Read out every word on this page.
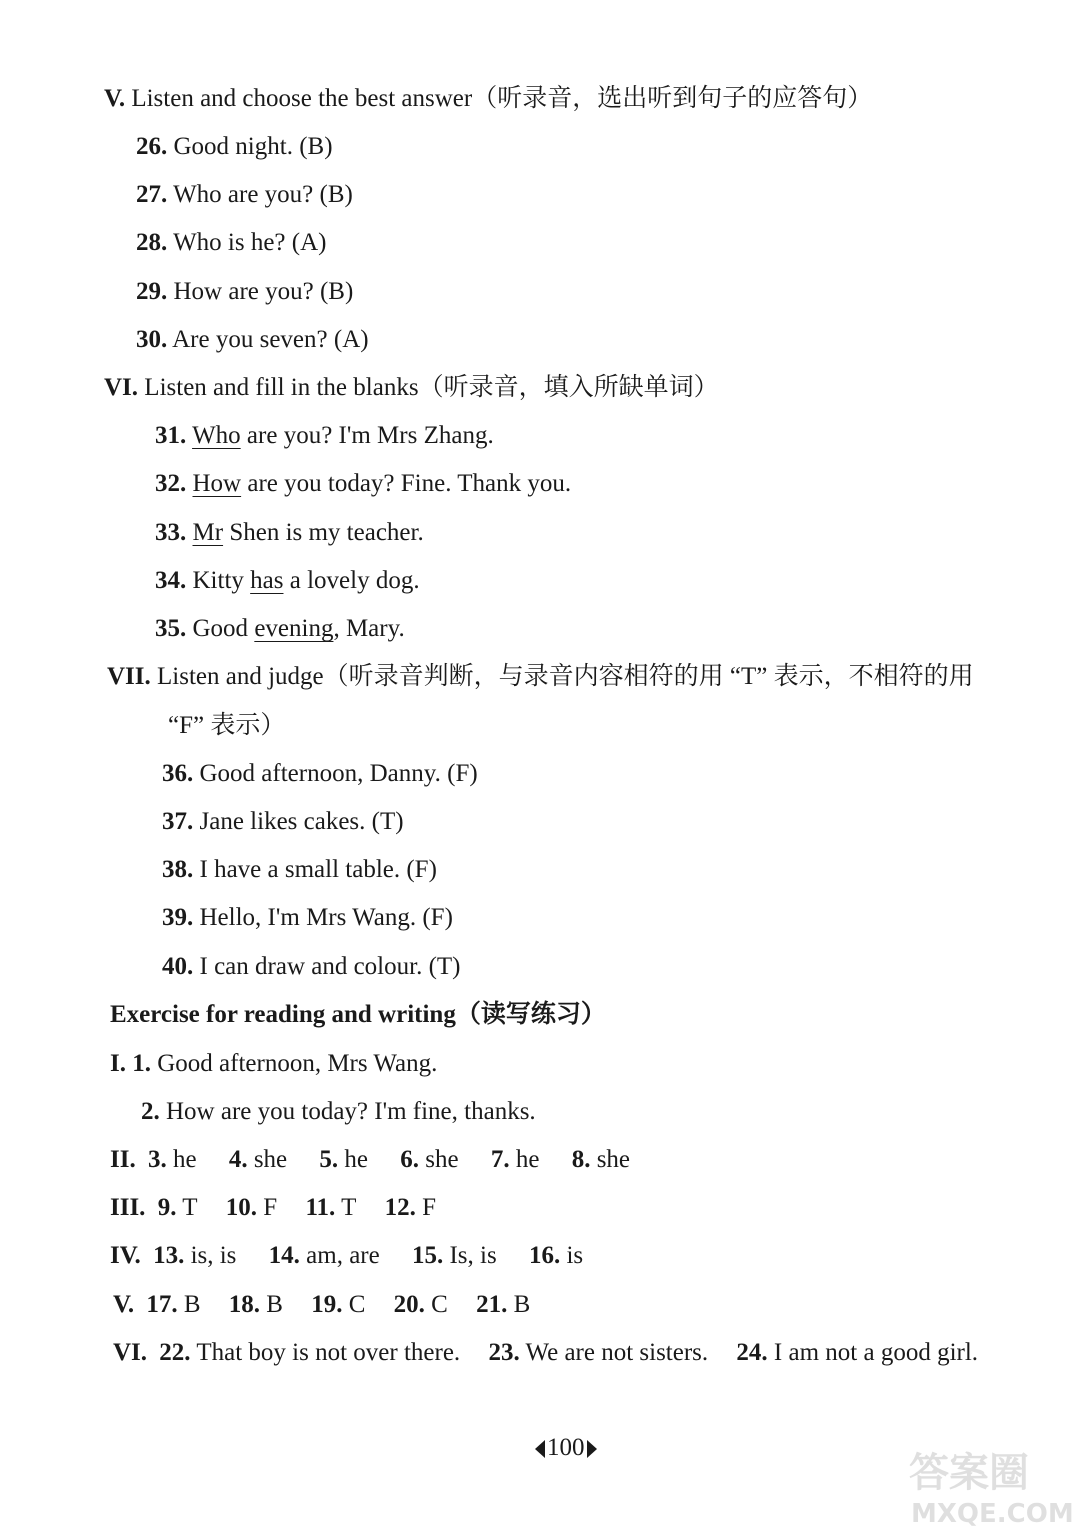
V. Listen and choose the best answer（听录音，选出听到句子的应答句）
26. Good night. (B)
27. Who are you? (B)
28. Who is he? (A)
29. How are you? (B)
30. Are you seven? (A)
VI. Listen and fill in the blanks（听录音，填入所缺单词）
31. Who are you? I'm Mrs Zhang.
32. How are you today? Fine. Thank you.
33. Mr Shen is my teacher.
34. Kitty has a lovely dog.
35. Good evening, Mary.
VII. Listen and judge（听录音判断，与录音内容相符的用 “T” 表示，不相符的用
“F” 表示）
36. Good afternoon, Danny. (F)
37. Jane likes cakes. (T)
38. I have a small table. (F)
39. Hello, I'm Mrs Wang. (F)
40. I can draw and colour. (T)
Exercise for reading and writing（读写练习）
I. 1. Good afternoon, Mrs Wang.
2. How are you today? I'm fine, thanks.
II. 3. he 4. she 5. he 6. she 7. he 8. she
III. 9. T 10. F 11. T 12. F
IV. 13. is, is 14. am, are 15. Is, is 16. is
V. 17. B 18. B 19. C 20. C 21. B
VI. 22. That boy is not over there. 23. We are not sisters. 24. I am not a good girl.
100
答案圈
MXQE.COM
